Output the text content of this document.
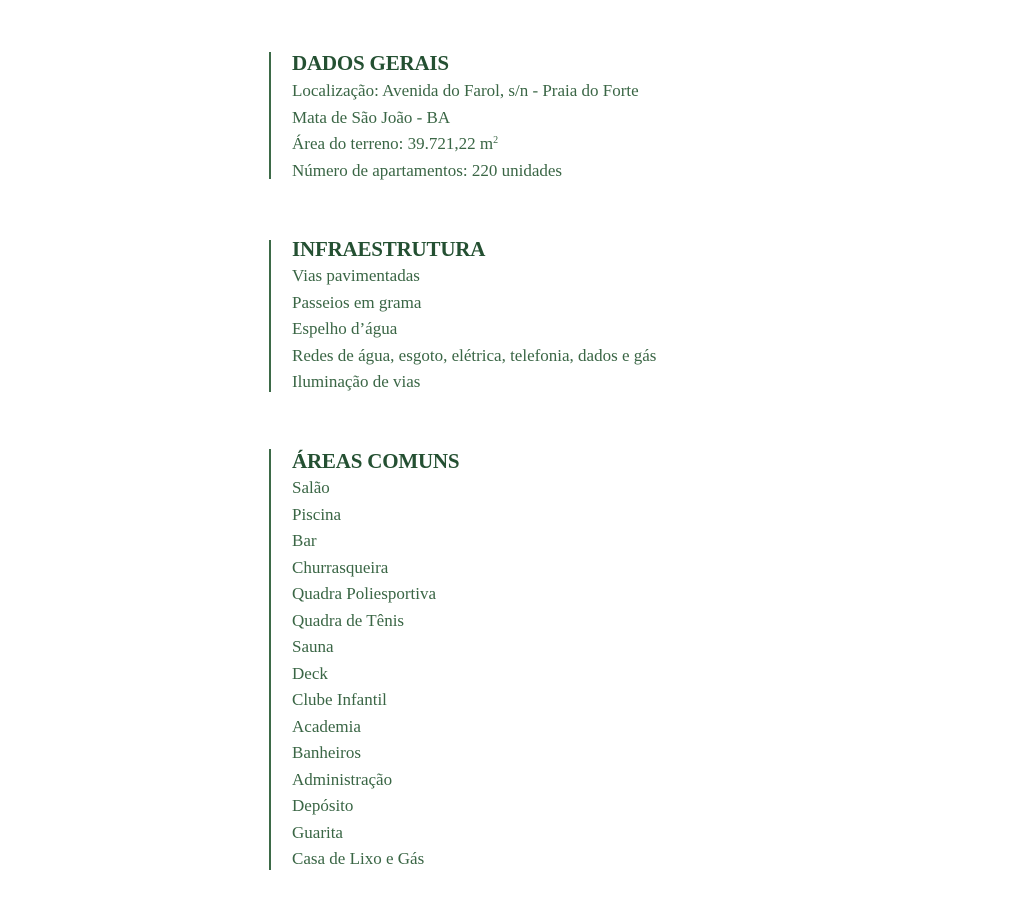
DADOS GERAIS
Localização: Avenida do Farol, s/n - Praia do Forte
Mata de São João - BA
Área do terreno: 39.721,22 $m^2$
Número de apartamentos: 220 unidades
INFRAESTRUTURA
Vias pavimentadas
Passeios em grama
Espelho d’água
Redes de água, esgoto, elétrica, telefonia, dados e gás
Iluminação de vias
ÁREAS COMUNS
Salão
Piscina
Bar
Churrasqueira
Quadra Poliesportiva
Quadra de Tênis
Sauna
Deck
Clube Infantil
Academia
Banheiros
Administração
Depósito
Guarita
Casa de Lixo e Gás
